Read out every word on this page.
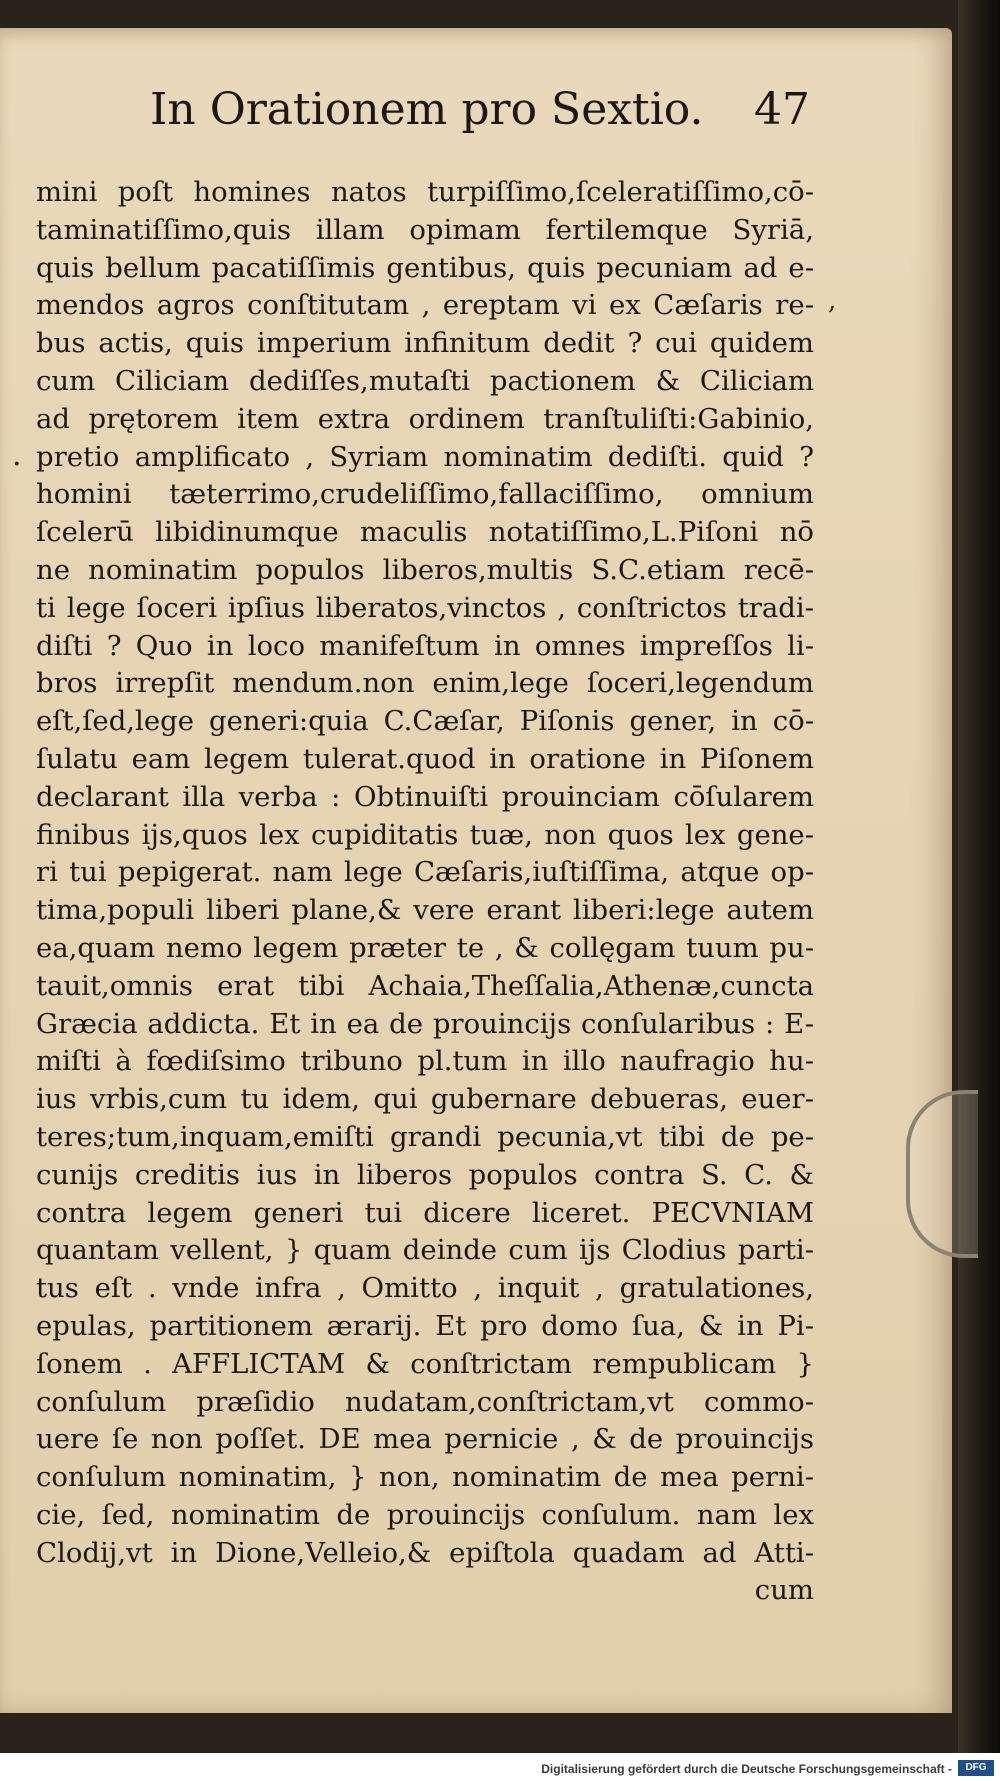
In Orationem pro Sextio. 47
mini poſt homines natos turpiſſimo,ſceleratiſſimo,cō-
taminatiſſimo,quis illam opimam fertilemque Syriā,
quis bellum pacatiſſimis gentibus, quis pecuniam ad e-
mendos agros conſtitutam , ereptam vi ex Cæſaris re-
bus actis, quis imperium infinitum dedit ? cui quidem
cum Ciliciam dediſſes,mutaſti pactionem & Ciliciam
ad prętorem item extra ordinem tranſtuliſti:Gabinio,
pretio amplificato , Syriam nominatim dediſti. quid ?
homini tæterrimo,crudeliſſimo,fallaciſſimo, omnium
ſcelerū libidinumque maculis notatiſſimo,L.Piſoni nō
ne nominatim populos liberos,multis S.C.etiam recē-
ti lege ſoceri ipſius liberatos,vinctos , conſtrictos tradi-
diſti ? Quo in loco manifeſtum in omnes impreſſos li-
bros irrepſit mendum.non enim,lege ſoceri,legendum
eſt,ſed,lege generi:quia C.Cæſar, Piſonis gener, in cō-
ſulatu eam legem tulerat.quod in oratione in Piſonem
declarant illa verba : Obtinuiſti prouinciam cōſularem
finibus ijs,quos lex cupiditatis tuæ, non quos lex gene-
ri tui pepigerat. nam lege Cæſaris,iuſtiſſima, atque op-
tima,populi liberi plane,& vere erant liberi:lege autem
ea,quam nemo legem præter te , & collęgam tuum pu-
tauit,omnis erat tibi Achaia,Theſſalia,Athenæ,cuncta
Græcia addicta. Et in ea de prouincijs conſularibus : E-
miſti à fœdiſsimo tribuno pl.tum in illo naufragio hu-
ius vrbis,cum tu idem, qui gubernare debueras, euer-
teres;tum,inquam,emiſti grandi pecunia,vt tibi de pe-
cunijs creditis ius in liberos populos contra S. C. &
contra legem generi tui dicere liceret. PECVNIAM
quantam vellent, } quam deinde cum ijs Clodius parti-
tus eſt . vnde infra , Omitto , inquit , gratulationes,
epulas, partitionem ærarij. Et pro domo ſua, & in Pi-
ſonem . AFFLICTAM & conſtrictam rempublicam }
conſulum præſidio nudatam,conſtrictam,vt commo-
uere ſe non poſſet. DE mea pernicie , & de prouincijs
conſulum nominatim, } non, nominatim de mea perni-
cie, ſed, nominatim de prouincijs conſulum. nam lex
Clodij,vt in Dione,Velleio,& epiſtola quadam ad Atti-
cum
,
.
Digitalisierung gefördert durch die Deutsche Forschungsgemeinschaft -	DFG
